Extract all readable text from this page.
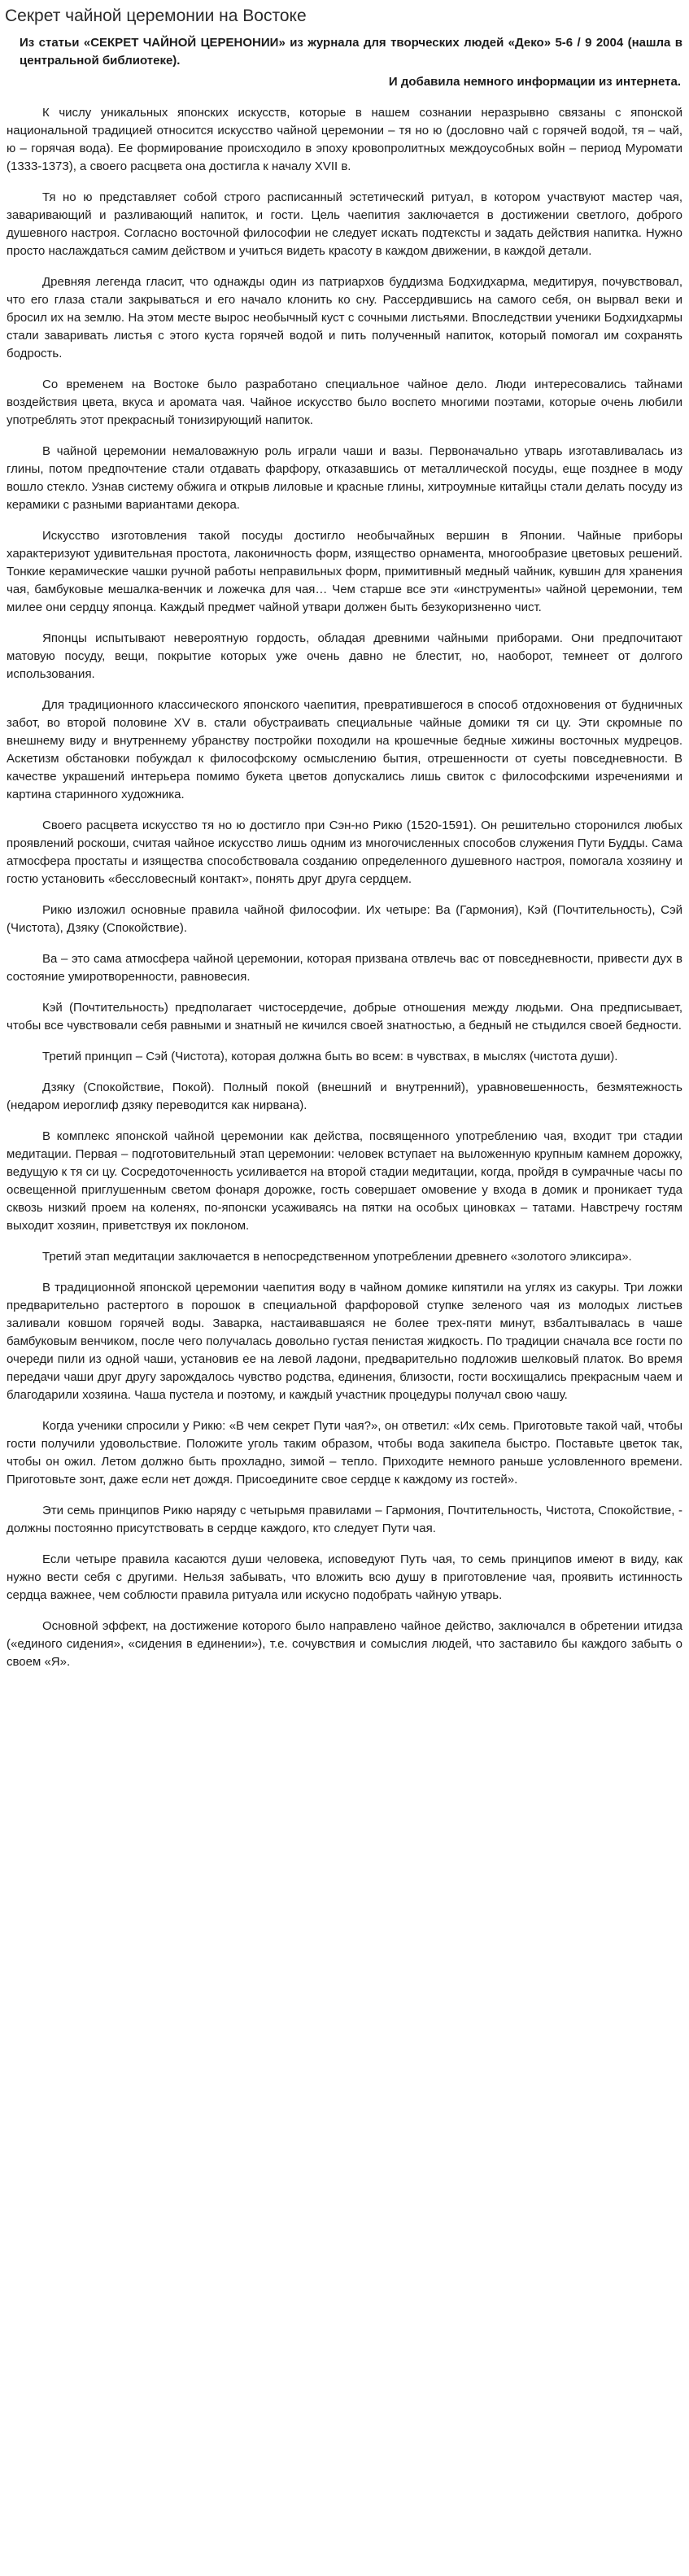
Секрет чайной церемонии на Востоке
Из статьи «СЕКРЕТ ЧАЙНОЙ ЦЕРЕНОНИИ» из журнала для творческих людей «Деко» 5-6 / 9 2004 (нашла в центральной библиотеке).
И добавила немного информации из интернета.

К числу уникальных японских искусств, которые в нашем сознании неразрывно связаны с японской национальной традицией относится искусство чайной церемонии – тя но ю (дословно чай с горячей водой, тя – чай, ю – горячая вода). Ее формирование происходило в эпоху кровопролитных междоусобных войн – период Муромати (1333-1373), а своего расцвета она достигла к началу XVII в.

Тя но ю представляет собой строго расписанный эстетический ритуал, в котором участвуют мастер чая, заваривающий и разливающий напиток, и гости. Цель чаепития заключается в достижении светлого, доброго душевного настроя. Согласно восточной философии не следует искать подтексты и задать действия напитка. Нужно просто наслаждаться самим действом и учиться видеть красоту в каждом движении, в каждой детали.

Древняя легенда гласит, что однажды один из патриархов буддизма Бодхидхарма, медитируя, почувствовал, что его глаза стали закрываться и его начало клонить ко сну. Рассердившись на самого себя, он вырвал веки и бросил их на землю. На этом месте вырос необычный куст с сочными листьями. Впоследствии ученики Бодхидхармы стали заваривать листья с этого куста горячей водой и пить полученный напиток, который помогал им сохранять бодрость.

Со временем на Востоке было разработано специальное чайное дело. Люди интересовались тайнами воздействия цвета, вкуса и аромата чая. Чайное искусство было воспето многими поэтами, которые очень любили употреблять этот прекрасный тонизирующий напиток.

В чайной церемонии немаловажную роль играли чаши и вазы. Первоначально утварь изготавливалась из глины, потом предпочтение стали отдавать фарфору, отказавшись от металлической посуды, еще позднее в моду вошло стекло. Узнав систему обжига и открыв лиловые и красные глины, хитроумные китайцы стали делать посуду из керамики с разными вариантами декора.

Искусство изготовления такой посуды достигло необычайных вершин в Японии. Чайные приборы характеризуют удивительная простота, лаконичность форм, изящество орнамента, многообразие цветовых решений. Тонкие керамические чашки ручной работы неправильных форм, примитивный медный чайник, кувшин для хранения чая, бамбуковые мешалка-венчик и ложечка для чая… Чем старше все эти «инструменты» чайной церемонии, тем милее они сердцу японца. Каждый предмет чайной утвари должен быть безукоризненно чист.

Японцы испытывают невероятную гордость, обладая древними чайными приборами. Они предпочитают матовую посуду, вещи, покрытие которых уже очень давно не блестит, но, наоборот, темнеет от долгого использования.

Для традиционного классического японского чаепития, превратившегося в способ отдохновения от будничных забот, во второй половине XV в. стали обустраивать специальные чайные домики тя си цу. Эти скромные по внешнему виду и внутреннему убранству постройки походили на крошечные бедные хижины восточных мудрецов. Аскетизм обстановки побуждал к философскому осмыслению бытия, отрешенности от суеты повседневности. В качестве украшений интерьера помимо букета цветов допускались лишь свиток с философскими изречениями и картина старинного художника.

Своего расцвета искусство тя но ю достигло при Сэн-но Рикю (1520-1591). Он решительно сторонился любых проявлений роскоши, считая чайное искусство лишь одним из многочисленных способов служения Пути Будды. Сама атмосфера простаты и изящества способствовала созданию определенного душевного настроя, помогала хозяину и гостю установить «бессловесный контакт», понять друг друга сердцем.

Рикю изложил основные правила чайной философии. Их четыре: Ва (Гармония), Кэй (Почтительность), Сэй (Чистота), Дзяку (Спокойствие).

Ва – это сама атмосфера чайной церемонии, которая призвана отвлечь вас от повседневности, привести дух в состояние умиротворенности, равновесия.

Кэй (Почтительность) предполагает чистосердечие, добрые отношения между людьми. Она предписывает, чтобы все чувствовали себя равными и знатный не кичился своей знатностью, а бедный не стыдился своей бедности.

Третий принцип – Сэй (Чистота), которая должна быть во всем: в чувствах, в мыслях (чистота души).

Дзяку (Спокойствие, Покой). Полный покой (внешний и внутренний), уравновешенность, безмятежность (недаром иероглиф дзяку переводится как нирвана).

В комплекс японской чайной церемонии как действа, посвященного употреблению чая, входит три стадии медитации. Первая – подготовительный этап церемонии: человек вступает на выложенную крупным камнем дорожку, ведущую к тя си цу. Сосредоточенность усиливается на второй стадии медитации, когда, пройдя в сумрачные часы по освещенной приглушенным светом фонаря дорожке, гость совершает омовение у входа в домик и проникает туда сквозь низкий проем на коленях, по-японски усаживаясь на пятки на особых циновках – татами. Навстречу гостям выходит хозяин, приветствуя их поклоном.

Третий этап медитации заключается в непосредственном употреблении древнего «золотого эликсира».

В традиционной японской церемонии чаепития воду в чайном домике кипятили на углях из сакуры. Три ложки предварительно растертого в порошок в специальной фарфоровой ступке зеленого чая из молодых листьев заливали ковшом горячей воды. Заварка, настаивавшаяся не более трех-пяти минут, взбалтывалась в чаше бамбуковым венчиком, после чего получалась довольно густая пенистая жидкость. По традиции сначала все гости по очереди пили из одной чаши, установив ее на левой ладони, предварительно подложив шелковый платок. Во время передачи чаши друг другу зарождалось чувство родства, единения, близости, гости восхищались прекрасным чаем и благодарили хозяина. Чаша пустела и поэтому, и каждый участник процедуры получал свою чашу.

Когда ученики спросили у Рикю: «В чем секрет Пути чая?», он ответил: «Их семь. Приготовьте такой чай, чтобы гости получили удовольствие. Положите уголь таким образом, чтобы вода закипела быстро. Поставьте цветок так, чтобы он ожил. Летом должно быть прохладно, зимой – тепло. Приходите немного раньше условленного времени. Приготовьте зонт, даже если нет дождя. Присоедините свое сердце к каждому из гостей».

Эти семь принципов Рикю наряду с четырьмя правилами – Гармония, Почтительность, Чистота, Спокойствие, - должны постоянно присутствовать в сердце каждого, кто следует Пути чая.

Если четыре правила касаются души человека, исповедуют Путь чая, то семь принципов имеют в виду, как нужно вести себя с другими. Нельзя забывать, что вложить всю душу в приготовление чая, проявить истинность сердца важнее, чем соблюсти правила ритуала или искусно подобрать чайную утварь.

Основной эффект, на достижение которого было направлено чайное действо, заключался в обретении итидза («единого сидения», «сидения в единении»), т.е. сочувствия и сомыслия людей, что заставило бы каждого забыть о своем «Я».
